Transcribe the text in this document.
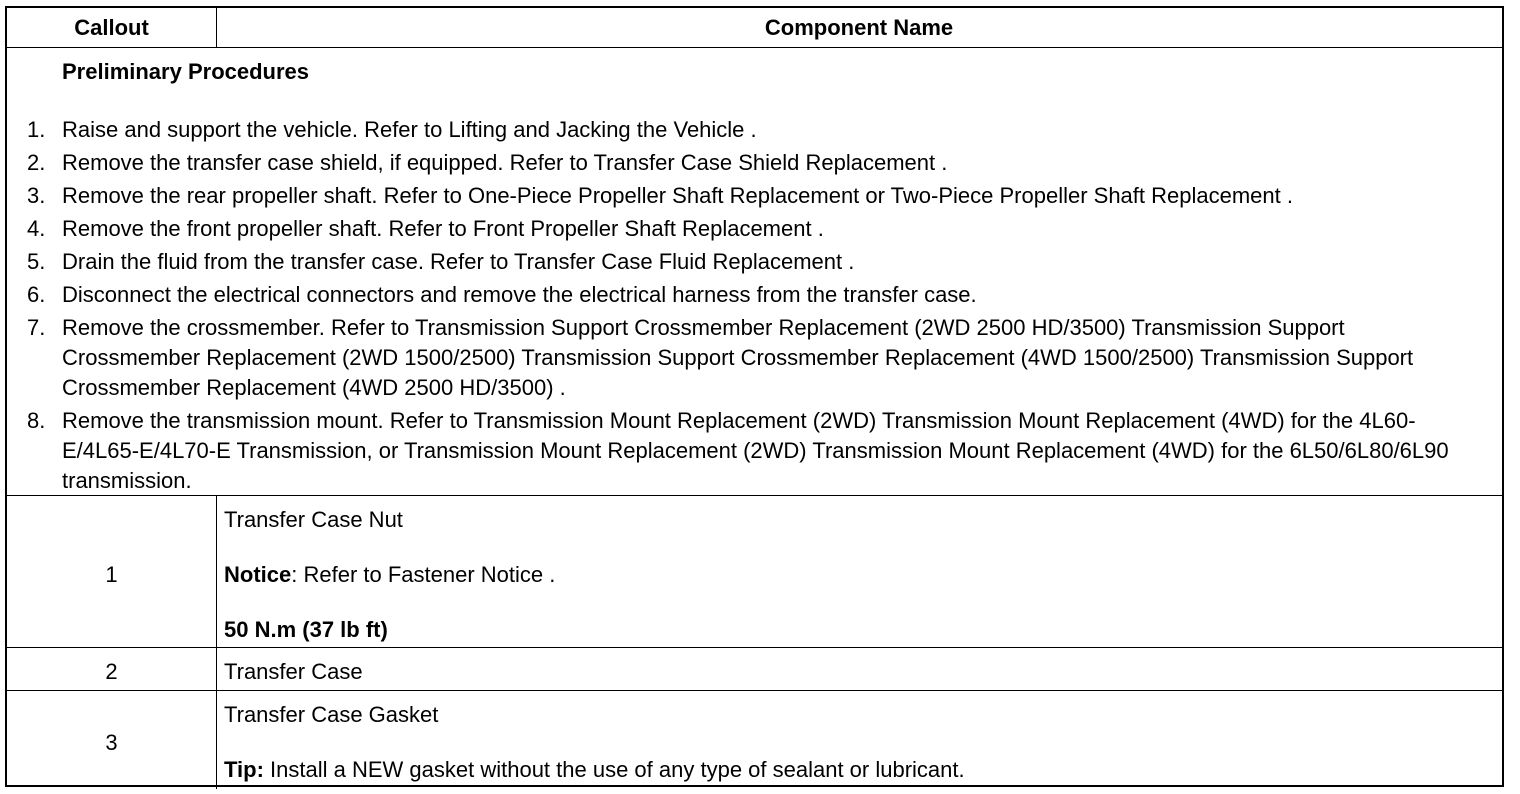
Callout	Component Name
Preliminary Procedures
1. Raise and support the vehicle. Refer to Lifting and Jacking the Vehicle .
2. Remove the transfer case shield, if equipped. Refer to Transfer Case Shield Replacement .
3. Remove the rear propeller shaft. Refer to One-Piece Propeller Shaft Replacement or Two-Piece Propeller Shaft Replacement .
4. Remove the front propeller shaft. Refer to Front Propeller Shaft Replacement .
5. Drain the fluid from the transfer case. Refer to Transfer Case Fluid Replacement .
6. Disconnect the electrical connectors and remove the electrical harness from the transfer case.
7. Remove the crossmember. Refer to Transmission Support Crossmember Replacement (2WD 2500 HD/3500) Transmission Support Crossmember Replacement (2WD 1500/2500) Transmission Support Crossmember Replacement (4WD 1500/2500) Transmission Support Crossmember Replacement (4WD 2500 HD/3500) .
8. Remove the transmission mount. Refer to Transmission Mount Replacement (2WD) Transmission Mount Replacement (4WD) for the 4L60-E/4L65-E/4L70-E Transmission, or Transmission Mount Replacement (2WD) Transmission Mount Replacement (4WD) for the 6L50/6L80/6L90 transmission.
1
Transfer Case Nut
Notice: Refer to Fastener Notice .
50 N.m (37 lb ft)
2	Transfer Case
3
Transfer Case Gasket
Tip: Install a NEW gasket without the use of any type of sealant or lubricant.
